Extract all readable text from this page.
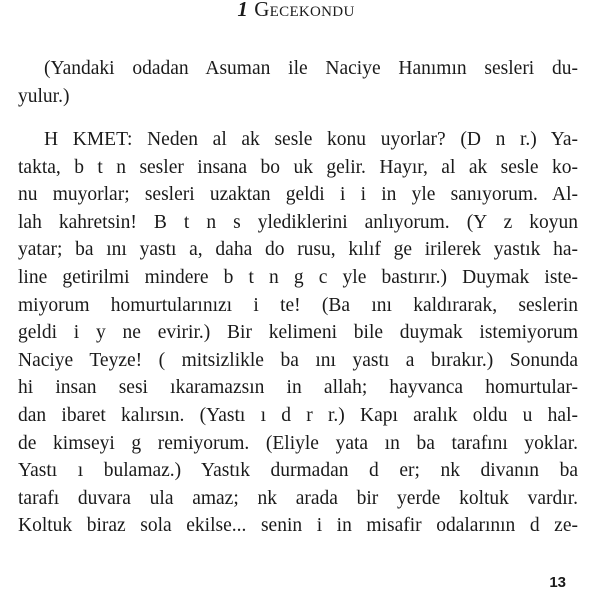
1 Gecekondu
(Yandaki odadan Asuman ile Naciye Hanımın sesleri du-
yulur.)
H KMET: Neden al ak sesle konu uyorlar? (D n r.) Ya-
takta, b t n sesler insana bo uk gelir. Hayır, al ak sesle ko-
nu muyorlar; sesleri uzaktan geldi i i in yle sanıyorum. Al-
lah kahretsin! B t n s ylediklerini anlıyorum. (Y z koyun
yatar; ba ını yastı a, daha do rusu, kılıf ge irilerek yastık ha-
line getirilmi mindere b t n g c yle bastırır.) Duymak iste-
miyorum homurtularınızı i te! (Ba ını kaldırarak, seslerin
geldi i y ne evirir.) Bir kelimeni bile duymak istemiyorum
Naciye Teyze! ( mitsizlikle ba ını yastı a bırakır.) Sonunda
hi insan sesi ıkaramazsın in allah; hayvanca homurtular-
dan ibaret kalırsın. (Yastı ı d r r.) Kapı aralık oldu u hal-
de kimseyi g remiyorum. (Eliyle yata ın ba tarafını yoklar.
Yastı ı bulamaz.) Yastık durmadan d er; nk divanın ba
tarafı duvara ula amaz; nk arada bir yerde koltuk vardır.
Koltuk biraz sola ekilse... senin i in misafir odalarının d ze-
13
